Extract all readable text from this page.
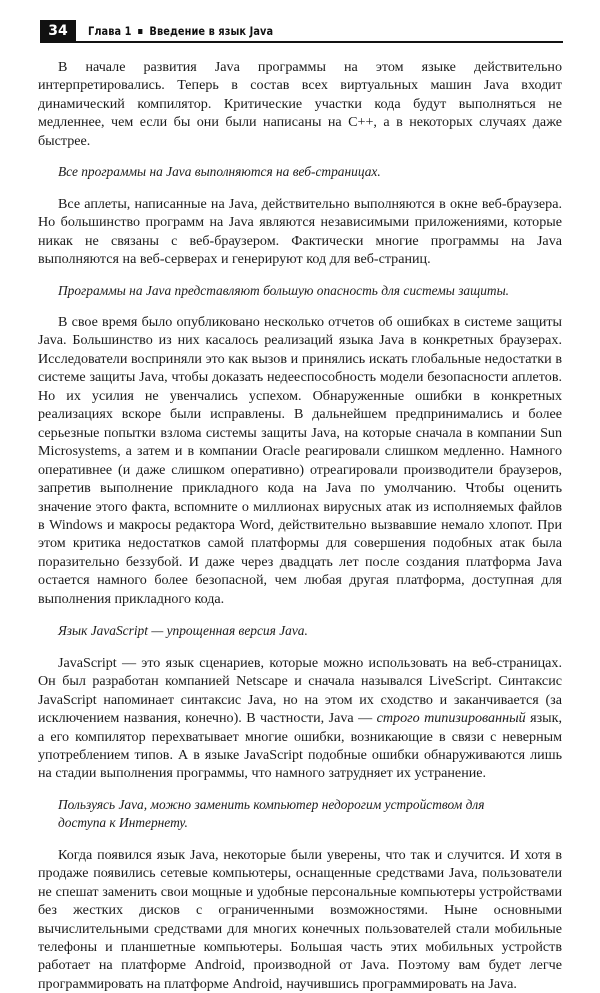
34	Глава 1 Введение в язык Java

В начале развития Java программы на этом языке действительно интерпретировались. Теперь в состав всех виртуальных машин Java входит динамический компилятор. Критические участки кода будут выполняться не медленнее, чем если бы они были написаны на C++, а в некоторых случаях даже быстрее.

Все программы на Java выполняются на веб-страницах.

Все аплеты, написанные на Java, действительно выполняются в окне веб-браузера. Но большинство программ на Java являются независимыми приложениями, которые никак не связаны с веб-браузером. Фактически многие программы на Java выполняются на веб-серверах и генерируют код для веб-страниц.

Программы на Java представляют большую опасность для системы защиты.

В свое время было опубликовано несколько отчетов об ошибках в системе защиты Java. Большинство из них касалось реализаций языка Java в конкретных браузерах. Исследователи восприняли это как вызов и принялись искать глобальные недостатки в системе защиты Java, чтобы доказать недееспособность модели безопасности аплетов. Но их усилия не увенчались успехом. Обнаруженные ошибки в конкретных реализациях вскоре были исправлены. В дальнейшем предпринимались и более серьезные попытки взлома системы защиты Java, на которые сначала в компании Sun Microsystems, а затем и в компании Oracle реагировали слишком медленно. Намного оперативнее (и даже слишком оперативно) отреагировали производители браузеров, запретив выполнение прикладного кода на Java по умолчанию. Чтобы оценить значение этого факта, вспомните о миллионах вирусных атак из исполняемых файлов в Windows и макросы редактора Word, действительно вызвавшие немало хлопот. При этом критика недостатков самой платформы для совершения подобных атак была поразительно беззубой. И даже через двадцать лет после создания платформа Java остается намного более безопасной, чем любая другая платформа, доступная для выполнения прикладного кода.

Язык JavaScript — упрощенная версия Java.

JavaScript — это язык сценариев, которые можно использовать на веб-страницах. Он был разработан компанией Netscape и сначала назывался LiveScript. Синтаксис JavaScript напоминает синтаксис Java, но на этом их сходство и заканчивается (за исключением названия, конечно). В частности, Java — строго типизированный язык, а его компилятор перехватывает многие ошибки, возникающие в связи с неверным употреблением типов. А в языке JavaScript подобные ошибки обнаруживаются лишь на стадии выполнения программы, что намного затрудняет их устранение.

Пользуясь Java, можно заменить компьютер недорогим устройством для доступа к Интернету.

Когда появился язык Java, некоторые были уверены, что так и случится. И хотя в продаже появились сетевые компьютеры, оснащенные средствами Java, пользователи не спешат заменить свои мощные и удобные персональные компьютеры устройствами без жестких дисков с ограниченными возможностями. Ныне основными вычислительными средствами для многих конечных пользователей стали мобильные телефоны и планшетные компьютеры. Большая часть этих мобильных устройств работает на платформе Android, производной от Java. Поэтому вам будет легче программировать на платформе Android, научившись программировать на Java.
